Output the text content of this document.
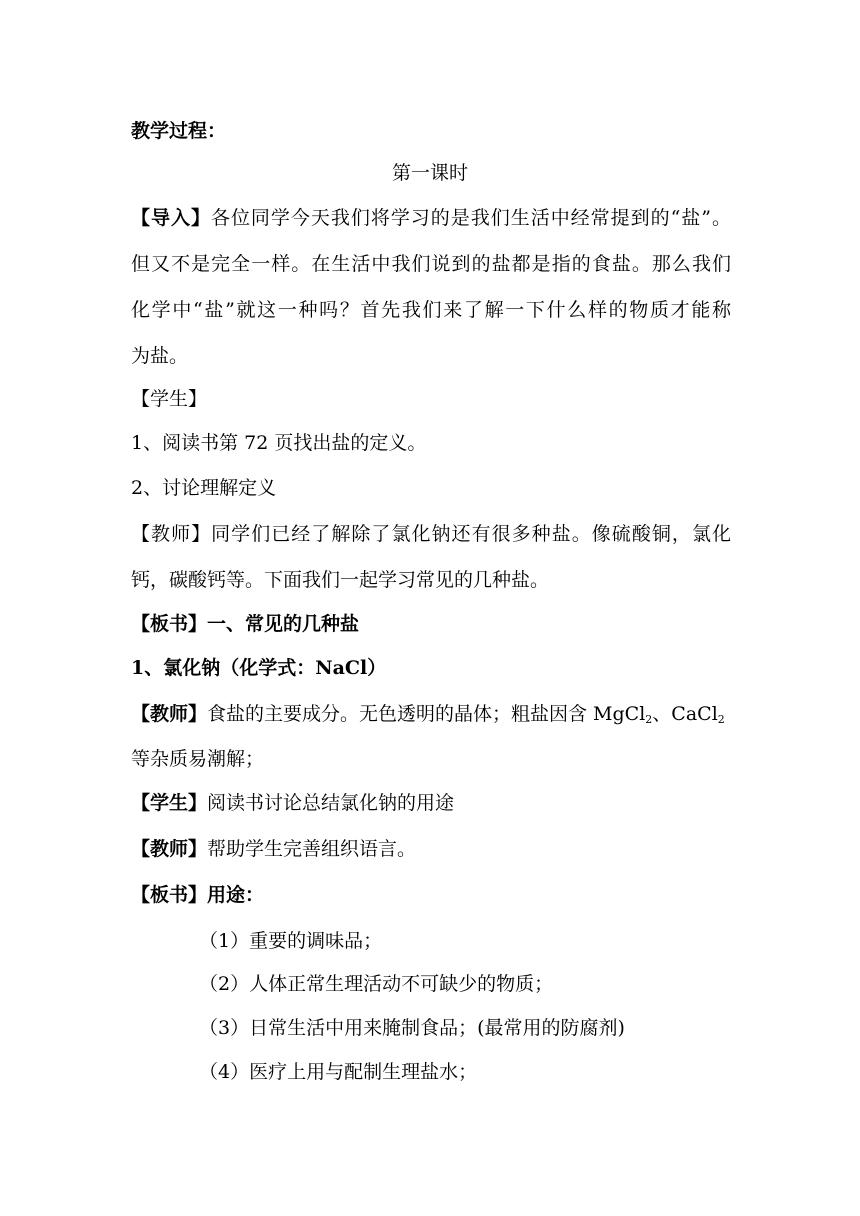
教学过程：
第一课时
【导入】各位同学今天我们将学习的是我们生活中经常提到的“盐”。
但又不是完全一样。在生活中我们说到的盐都是指的食盐。那么我们
化学中“盐”就这一种吗？首先我们来了解一下什么样的物质才能称
为盐。
【学生】
1、阅读书第 72 页找出盐的定义。
2、讨论理解定义
【教师】同学们已经了解除了氯化钠还有很多种盐。像硫酸铜，氯化
钙，碳酸钙等。下面我们一起学习常见的几种盐。
【板书】一、常见的几种盐
1、氯化钠（化学式：NaCl）
【教师】食盐的主要成分。无色透明的晶体；粗盐因含 MgCl$_2$、CaCl$_2$
等杂质易潮解；
【学生】阅读书讨论总结氯化钠的用途
【教师】帮助学生完善组织语言。
【板书】用途：
（1）重要的调味品；
（2）人体正常生理活动不可缺少的物质；
（3）日常生活中用来腌制食品；(最常用的防腐剂)
（4）医疗上用与配制生理盐水；
